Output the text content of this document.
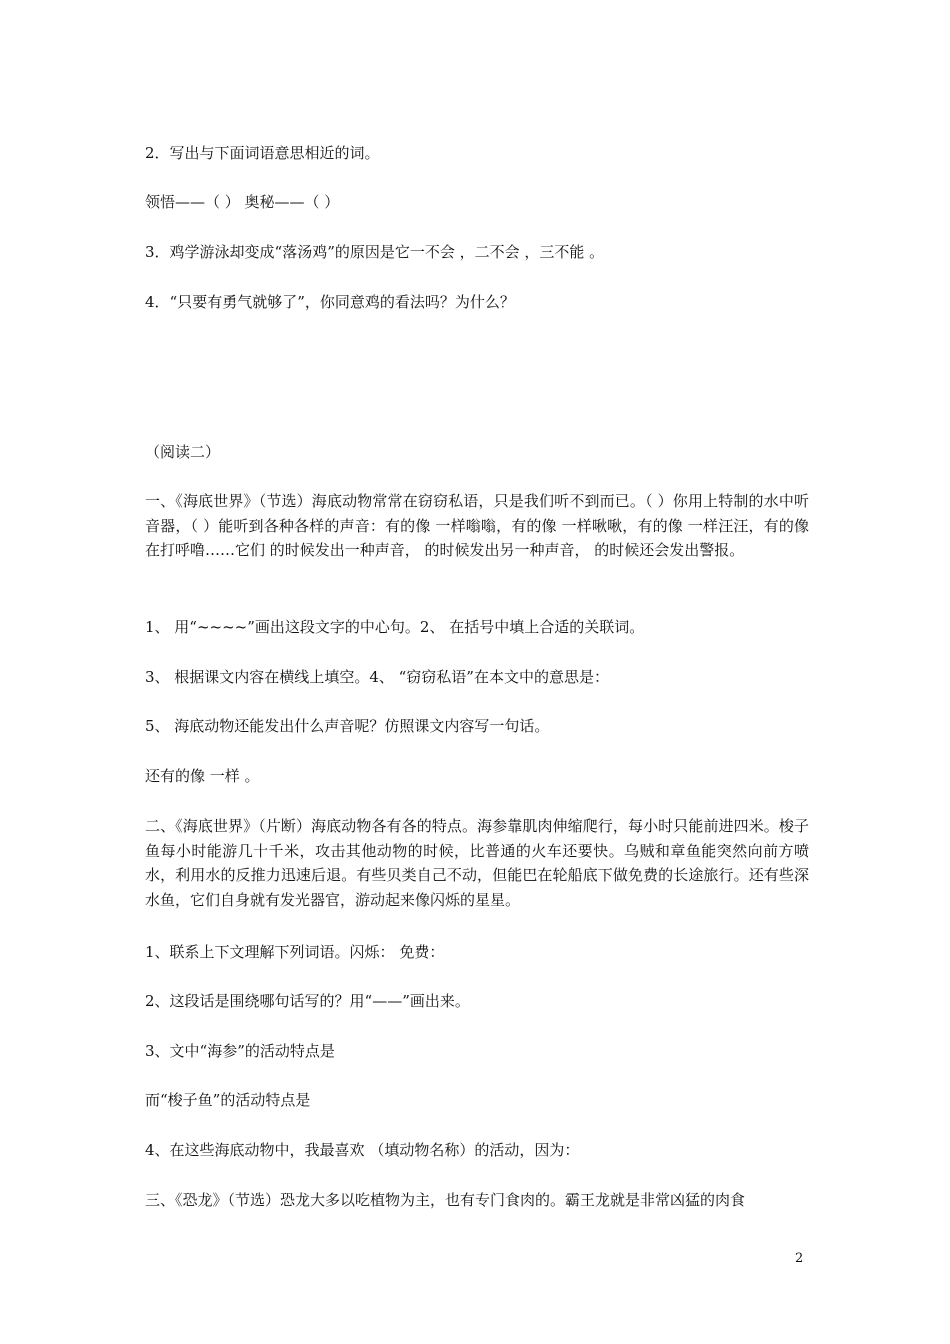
2．写出与下面词语意思相近的词。
领悟——（ ） 奥秘——（ ）
3．鸡学游泳却变成“落汤鸡”的原因是它一不会 ，二不会 ，三不能 。
4．“只要有勇气就够了”，你同意鸡的看法吗？为什么？
（阅读二）
一、《海底世界》（节选）海底动物常常在窃窃私语，只是我们听不到而已。（ ）你用上特制的水中听音器，（ ）能听到各种各样的声音：有的像 一样嗡嗡，有的像 一样啾啾，有的像 一样汪汪，有的像 在打呼噜……它们 的时候发出一种声音， 的时候发出另一种声音， 的时候还会发出警报。
1、 用“~~~~”画出这段文字的中心句。2、 在括号中填上合适的关联词。
3、 根据课文内容在横线上填空。4、 “窃窃私语”在本文中的意思是：
5、 海底动物还能发出什么声音呢？仿照课文内容写一句话。
还有的像 一样 。
二、《海底世界》（片断）海底动物各有各的特点。海参靠肌肉伸缩爬行，每小时只能前进四米。梭子鱼每小时能游几十千米，攻击其他动物的时候，比普通的火车还要快。乌贼和章鱼能突然向前方喷水，利用水的反推力迅速后退。有些贝类自己不动，但能巴在轮船底下做免费的长途旅行。还有些深水鱼，它们自身就有发光器官，游动起来像闪烁的星星。
1、联系上下文理解下列词语。闪烁： 免费：
2、这段话是围绕哪句话写的？用“——”画出来。
3、文中“海参”的活动特点是
而“梭子鱼”的活动特点是
4、在这些海底动物中，我最喜欢 （填动物名称）的活动，因为：
三、《恐龙》（节选）恐龙大多以吃植物为主，也有专门食肉的。霸王龙就是非常凶猛的肉食
2
